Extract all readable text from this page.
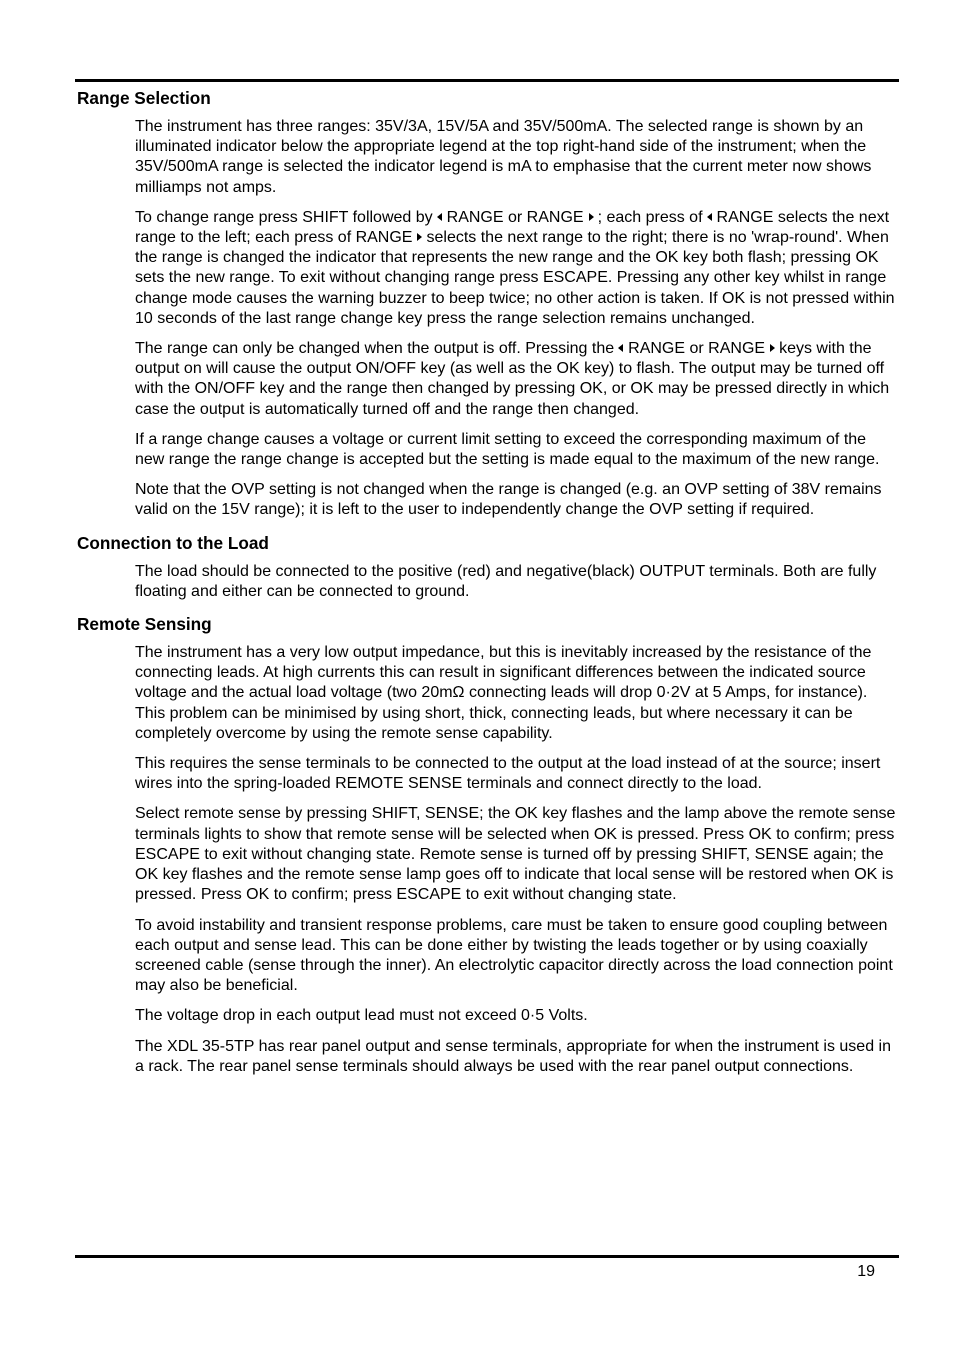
Range Selection

The instrument has three ranges: 35V/3A, 15V/5A and 35V/500mA. The selected range is shown by an illuminated indicator below the appropriate legend at the top right-hand side of the instrument; when the 35V/500mA range is selected the indicator legend is mA to emphasise that the current meter now shows milliamps not amps.

To change range press SHIFT followed by RANGE or RANGE ; each press of RANGE selects the next range to the left; each press of RANGE selects the next range to the right; there is no 'wrap-round'. When the range is changed the indicator that represents the new range and the OK key both flash; pressing OK sets the new range. To exit without changing range press ESCAPE. Pressing any other key whilst in range change mode causes the warning buzzer to beep twice; no other action is taken. If OK is not pressed within 10 seconds of the last range change key press the range selection remains unchanged.

The range can only be changed when the output is off. Pressing the RANGE or RANGE keys with the output on will cause the output ON/OFF key (as well as the OK key) to flash. The output may be turned off with the ON/OFF key and the range then changed by pressing OK, or OK may be pressed directly in which case the output is automatically turned off and the range then changed.

If a range change causes a voltage or current limit setting to exceed the corresponding maximum of the new range the range change is accepted but the setting is made equal to the maximum of the new range.

Note that the OVP setting is not changed when the range is changed (e.g. an OVP setting of 38V remains valid on the 15V range); it is left to the user to independently change the OVP setting if required.

Connection to the Load

The load should be connected to the positive (red) and negative(black) OUTPUT terminals. Both are fully floating and either can be connected to ground.

Remote Sensing

The instrument has a very low output impedance, but this is inevitably increased by the resistance of the connecting leads. At high currents this can result in significant differences between the indicated source voltage and the actual load voltage (two 20mΩ connecting leads will drop 0·2V at 5 Amps, for instance). This problem can be minimised by using short, thick, connecting leads, but where necessary it can be completely overcome by using the remote sense capability.

This requires the sense terminals to be connected to the output at the load instead of at the source; insert wires into the spring-loaded REMOTE SENSE terminals and connect directly to the load.

Select remote sense by pressing SHIFT, SENSE; the OK key flashes and the lamp above the remote sense terminals lights to show that remote sense will be selected when OK is pressed. Press OK to confirm; press ESCAPE to exit without changing state. Remote sense is turned off by pressing SHIFT, SENSE again; the OK key flashes and the remote sense lamp goes off to indicate that local sense will be restored when OK is pressed. Press OK to confirm; press ESCAPE to exit without changing state.

To avoid instability and transient response problems, care must be taken to ensure good coupling between each output and sense lead. This can be done either by twisting the leads together or by using coaxially screened cable (sense through the inner). An electrolytic capacitor directly across the load connection point may also be beneficial.

The voltage drop in each output lead must not exceed 0·5 Volts.

The XDL 35-5TP has rear panel output and sense terminals, appropriate for when the instrument is used in a rack. The rear panel sense terminals should always be used with the rear panel output connections.

19
